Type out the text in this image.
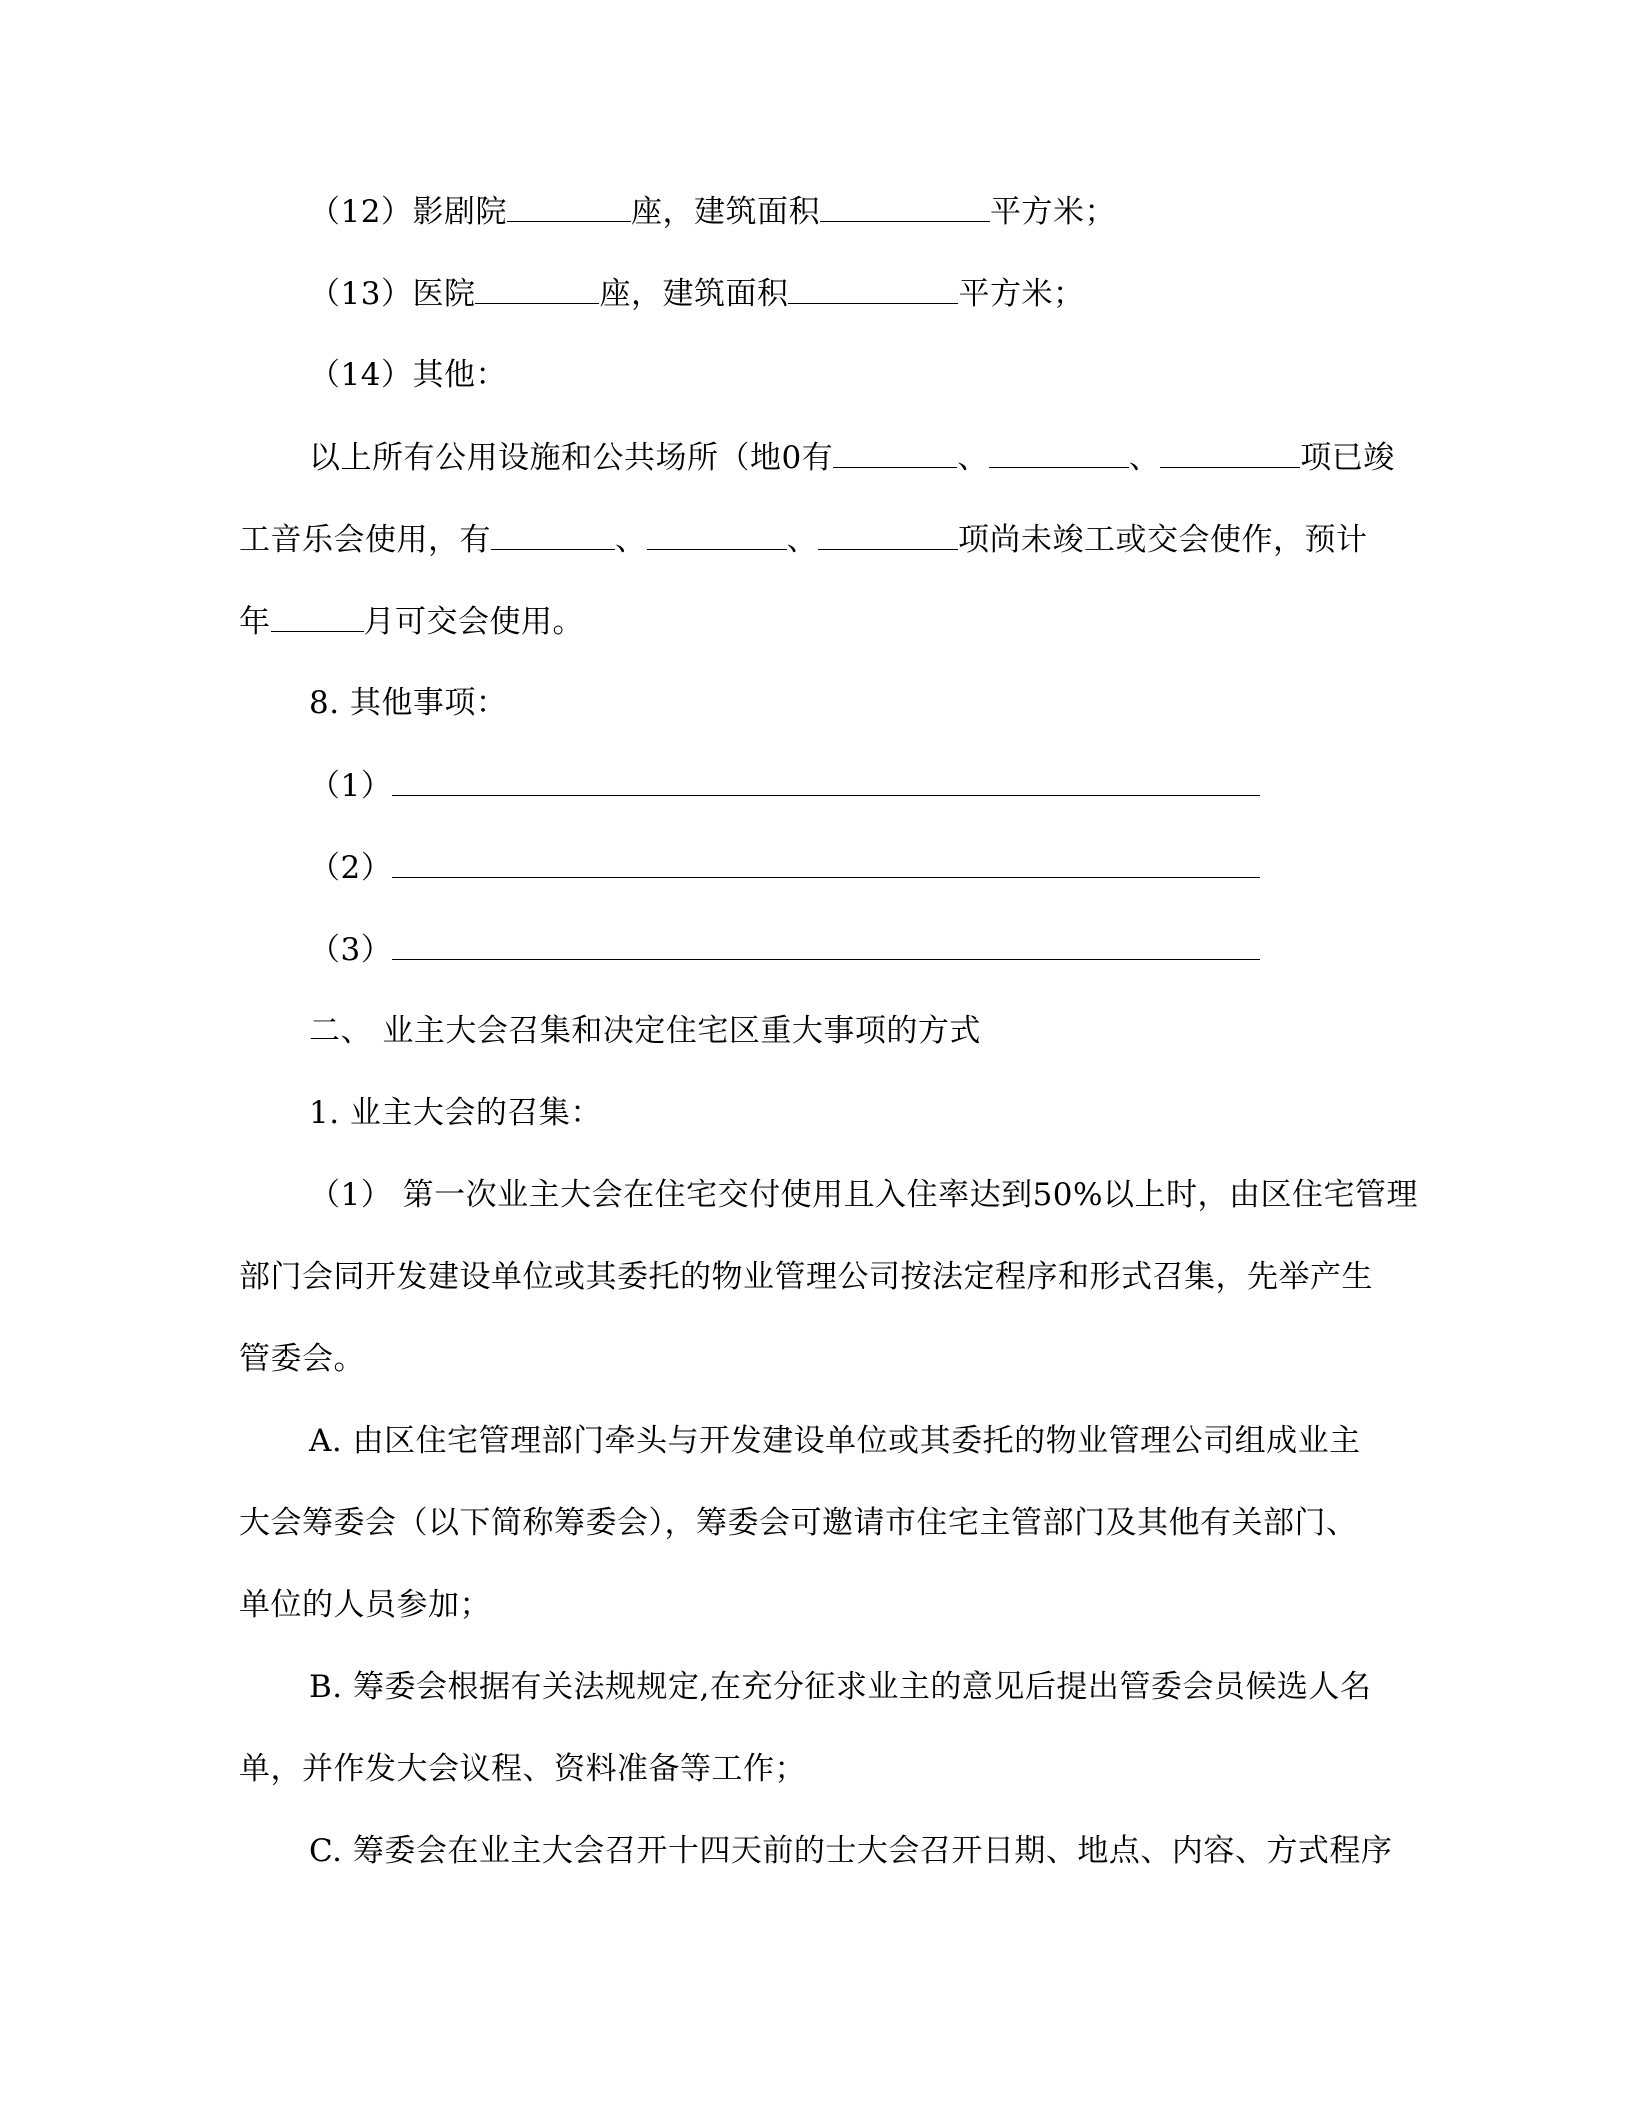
（12）影剧院	座，建筑面积	平方米；
（13）医院	座，建筑面积	平方米；
（14）其他：
以上所有公用设施和公共场所（地0有	、	、	项已竣
工音乐会使用，有	、	、	项尚未竣工或交会使作，预计
年	月可交会使用。
8. 其他事项：
（1）
（2）
（3）
二、 业主大会召集和决定住宅区重大事项的方式
1. 业主大会的召集：
（1） 第一次业主大会在住宅交付使用且入住率达到50%以上时，由区住宅管理
部门会同开发建设单位或其委托的物业管理公司按法定程序和形式召集，先举产生
管委会。
A. 由区住宅管理部门牵头与开发建设单位或其委托的物业管理公司组成业主
大会筹委会（以下简称筹委会），筹委会可邀请市住宅主管部门及其他有关部门、
单位的人员参加；
B. 筹委会根据有关法规规定,在充分征求业主的意见后提出管委会员候选人名
单，并作发大会议程、资料准备等工作；
C. 筹委会在业主大会召开十四天前的士大会召开日期、地点、内容、方式程序
